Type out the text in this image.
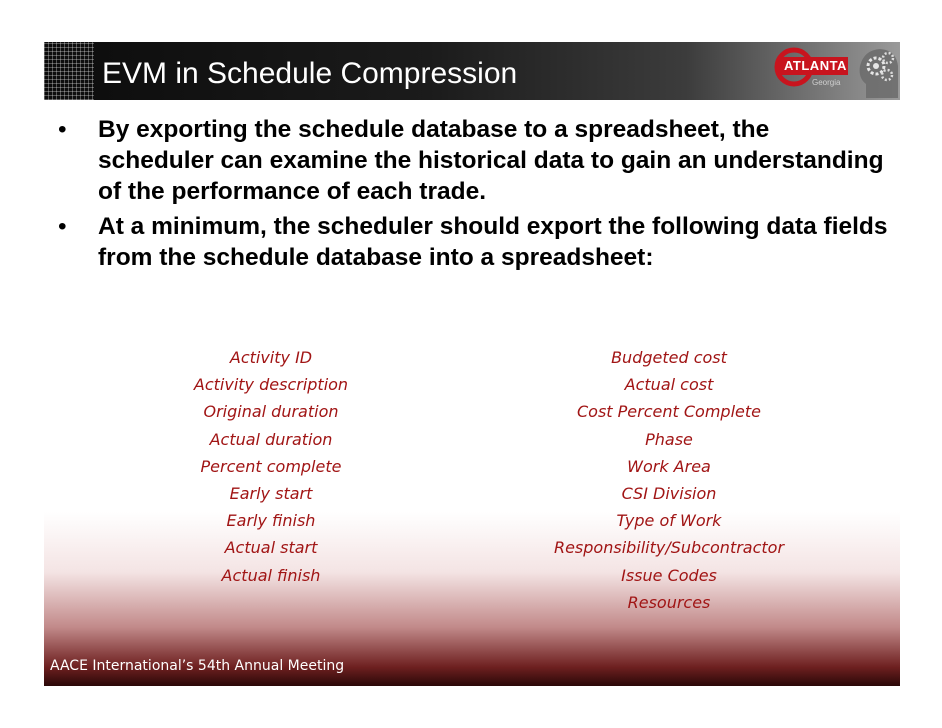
EVM in Schedule Compression	ATLANTA
Georgia
• By exporting the schedule database to a spreadsheet, the scheduler can examine the historical data to gain an understanding of the performance of each trade.
• At a minimum, the scheduler should export the following data fields from the schedule database into a spreadsheet:
Activity ID
Activity description
Original duration
Actual duration
Percent complete
Early start
Early finish
Actual start
Actual finish
Budgeted cost
Actual cost
Cost Percent Complete
Phase
Work Area
CSI Division
Type of Work
Responsibility/Subcontractor
Issue Codes
Resources
AACE International’s 54th Annual Meeting
